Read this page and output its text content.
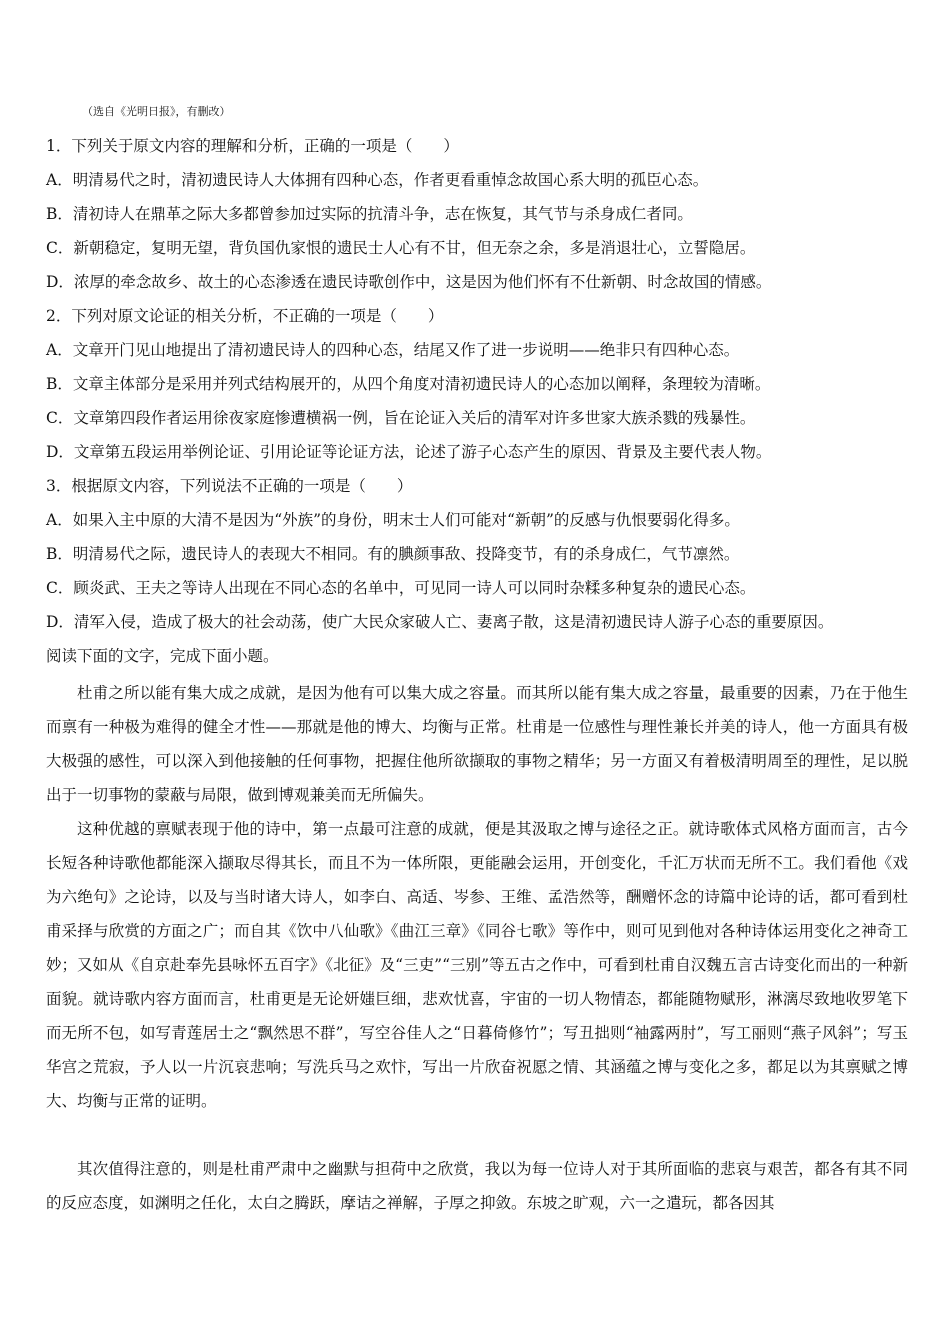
（选自《光明日报》，有删改）
1．下列关于原文内容的理解和分析，正确的一项是（　　）
A．明清易代之时，清初遗民诗人大体拥有四种心态，作者更看重悼念故国心系大明的孤臣心态。
B．清初诗人在鼎革之际大多都曾参加过实际的抗清斗争，志在恢复，其气节与杀身成仁者同。
C．新朝稳定，复明无望，背负国仇家恨的遗民士人心有不甘，但无奈之余，多是消退壮心，立誓隐居。
D．浓厚的牵念故乡、故土的心态渗透在遗民诗歌创作中，这是因为他们怀有不仕新朝、时念故国的情感。
2．下列对原文论证的相关分析，不正确的一项是（　　）
A．文章开门见山地提出了清初遗民诗人的四种心态，结尾又作了进一步说明——绝非只有四种心态。
B．文章主体部分是采用并列式结构展开的，从四个角度对清初遗民诗人的心态加以阐释，条理较为清晰。
C．文章第四段作者运用徐夜家庭惨遭横祸一例，旨在论证入关后的清军对许多世家大族杀戮的残暴性。
D．文章第五段运用举例论证、引用论证等论证方法，论述了游子心态产生的原因、背景及主要代表人物。
3．根据原文内容，下列说法不正确的一项是（　　）
A．如果入主中原的大清不是因为“外族”的身份，明末士人们可能对“新朝”的反感与仇恨要弱化得多。
B．明清易代之际，遗民诗人的表现大不相同。有的腆颜事敌、投降变节，有的杀身成仁，气节凛然。
C．顾炎武、王夫之等诗人出现在不同心态的名单中，可见同一诗人可以同时杂糅多种复杂的遗民心态。
D．清军入侵，造成了极大的社会动荡，使广大民众家破人亡、妻离子散，这是清初遗民诗人游子心态的重要原因。
阅读下面的文字，完成下面小题。
杜甫之所以能有集大成之成就，是因为他有可以集大成之容量。而其所以能有集大成之容量，最重要的因素，乃在于他生而禀有一种极为难得的健全才性——那就是他的博大、均衡与正常。杜甫是一位感性与理性兼长并美的诗人，他一方面具有极大极强的感性，可以深入到他接触的任何事物，把握住他所欲撷取的事物之精华；另一方面又有着极清明周至的理性，足以脱出于一切事物的蒙蔽与局限，做到博观兼美而无所偏失。
这种优越的禀赋表现于他的诗中，第一点最可注意的成就，便是其汲取之博与途径之正。就诗歌体式风格方面而言，古今长短各种诗歌他都能深入撷取尽得其长，而且不为一体所限，更能融会运用，开创变化，千汇万状而无所不工。我们看他《戏为六绝句》之论诗，以及与当时诸大诗人，如李白、高适、岑参、王维、孟浩然等，酬赠怀念的诗篇中论诗的话，都可看到杜甫采择与欣赏的方面之广；而自其《饮中八仙歌》《曲江三章》《同谷七歌》等作中，则可见到他对各种诗体运用变化之神奇工妙；又如从《自京赴奉先县咏怀五百字》《北征》及“三吏”“三别”等五古之作中，可看到杜甫自汉魏五言古诗变化而出的一种新面貌。就诗歌内容方面而言，杜甫更是无论妍媸巨细，悲欢忧喜，宇宙的一切人物情态，都能随物赋形，淋漓尽致地收罗笔下而无所不包，如写青莲居士之“飘然思不群”，写空谷佳人之“日暮倚修竹”；写丑拙则“袖露两肘”，写工丽则“燕子风斜”；写玉华宫之荒寂，予人以一片沉哀悲响；写洗兵马之欢忭，写出一片欣奋祝愿之情、其涵蕴之博与变化之多，都足以为其禀赋之博大、均衡与正常的证明。
其次值得注意的，则是杜甫严肃中之幽默与担荷中之欣赏，我以为每一位诗人对于其所面临的悲哀与艰苦，都各有其不同的反应态度，如渊明之任化，太白之腾跃，摩诘之禅解，子厚之抑敛。东坡之旷观，六一之遣玩，都各因其
